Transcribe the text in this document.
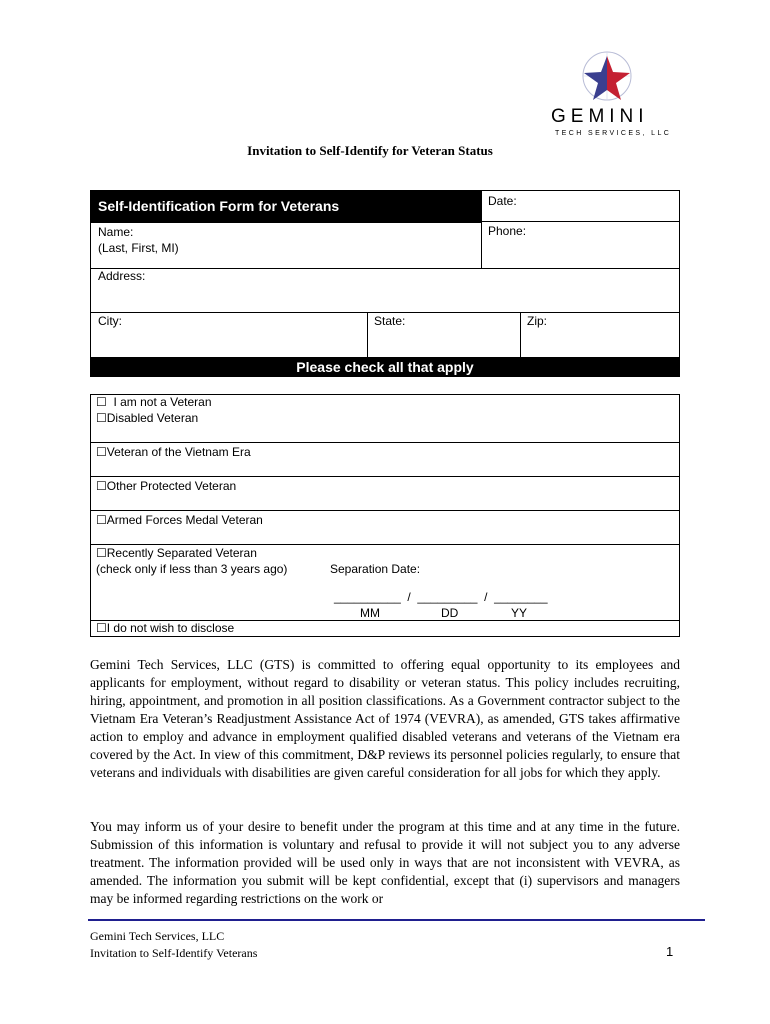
GEMINI
TECH SERVICES, LLC
Invitation to Self-Identify for Veteran Status
Self-Identification Form for Veterans	Date:
Name:
(Last, First, MI)
Phone:
Address:
City:	State:	Zip:
Please check all that apply
☐ I am not a Veteran
☐Disabled Veteran
☐Veteran of the Vietnam Era
☐Other Protected Veteran
☐Armed Forces Medal Veteran
☐Recently Separated Veteran
(check only if less than 3 years ago)	Separation Date:
__________  /  _________  /  ________
MM	DD	YY
☐I do not wish to disclose
Gemini Tech Services, LLC (GTS) is committed to offering equal opportunity to its employees and applicants for employment, without regard to disability or veteran status. This policy includes recruiting, hiring, appointment, and promotion in all position classifications. As a Government contractor subject to the Vietnam Era Veteran’s Readjustment Assistance Act of 1974 (VEVRA), as amended, GTS takes affirmative action to employ and advance in employment qualified disabled veterans and veterans of the Vietnam era covered by the Act. In view of this commitment, D&P reviews its personnel policies regularly, to ensure that veterans and individuals with disabilities are given careful consideration for all jobs for which they apply.
You may inform us of your desire to benefit under the program at this time and at any time in the future. Submission of this information is voluntary and refusal to provide it will not subject you to any adverse treatment. The information provided will be used only in ways that are not inconsistent with VEVRA, as amended. The information you submit will be kept confidential, except that (i) supervisors and managers may be informed regarding restrictions on the work or
Gemini Tech Services, LLC
Invitation to Self-Identify Veterans	1
